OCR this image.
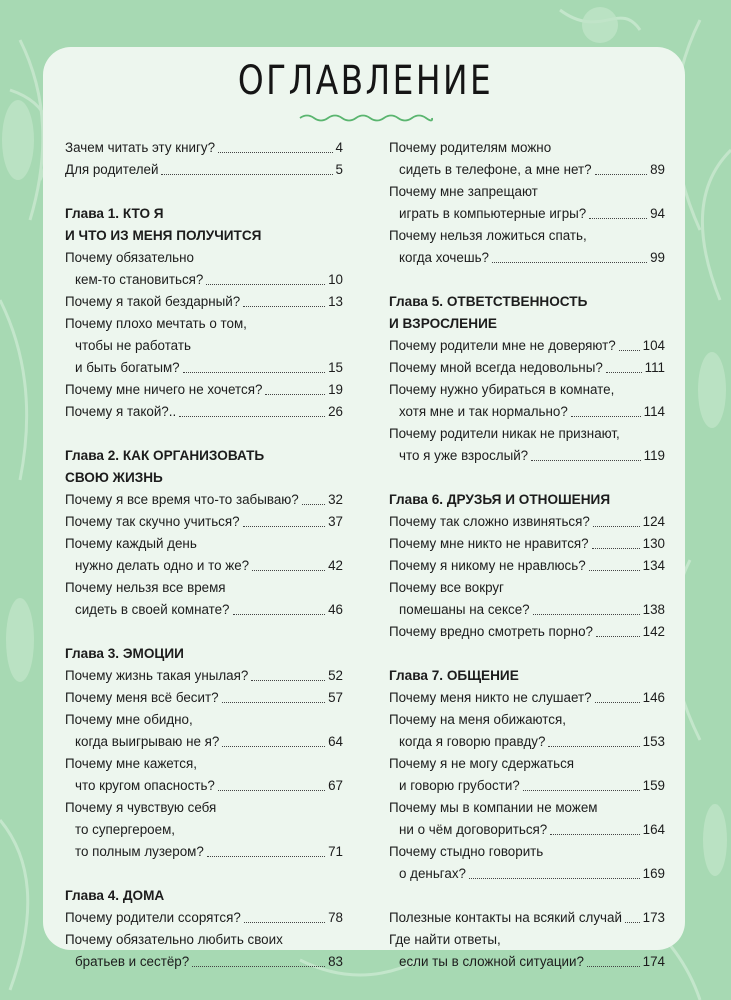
ОГЛАВЛЕНИЕ
Зачем читать эту книгу?	4
Для родителей	5
Глава 1. КТО Я
И ЧТО ИЗ МЕНЯ ПОЛУЧИТСЯ
Почему обязательно
кем-то становиться?	10
Почему я такой бездарный?	13
Почему плохо мечтать о том,
чтобы не работать
и быть богатым?	15
Почему мне ничего не хочется?	19
Почему я такой?..	26
Глава 2. КАК ОРГАНИЗОВАТЬ
СВОЮ ЖИЗНЬ
Почему я все время что-то забываю? 32
Почему так скучно учиться?	37
Почему каждый день
нужно делать одно и то же?	42
Почему нельзя все время
сидеть в своей комнате?	46
Глава 3. ЭМОЦИИ
Почему жизнь такая унылая?	52
Почему меня всё бесит?	57
Почему мне обидно,
когда выигрываю не я?	64
Почему мне кажется,
что кругом опасность?	67
Почему я чувствую себя
то супергероем,
то полным лузером?	71
Глава 4. ДОМА
Почему родители ссорятся?	78
Почему обязательно любить своих
братьев и сестёр?	83
Почему родителям можно
сидеть в телефоне, а мне нет?	89
Почему мне запрещают
играть в компьютерные игры?	94
Почему нельзя ложиться спать,
когда хочешь?	99
Глава 5. ОТВЕТСТВЕННОСТЬ
И ВЗРОСЛЕНИЕ
Почему родители мне не доверяют? 104
Почему мной всегда недовольны?	111
Почему нужно убираться в комнате,
хотя мне и так нормально?	114
Почему родители никак не признают,
что я уже взрослый?	119
Глава 6. ДРУЗЬЯ И ОТНОШЕНИЯ
Почему так сложно извиняться?	124
Почему мне никто не нравится?	130
Почему я никому не нравлюсь?	134
Почему все вокруг
помешаны на сексе?	138
Почему вредно смотреть порно?	142
Глава 7. ОБЩЕНИЕ
Почему меня никто не слушает?	146
Почему на меня обижаются,
когда я говорю правду?	153
Почему я не могу сдержаться
и говорю грубости?	159
Почему мы в компании не можем
ни о чём договориться?	164
Почему стыдно говорить
о деньгах?	169
Полезные контакты на всякий случай 173
Где найти ответы,
если ты в сложной ситуации?	174
